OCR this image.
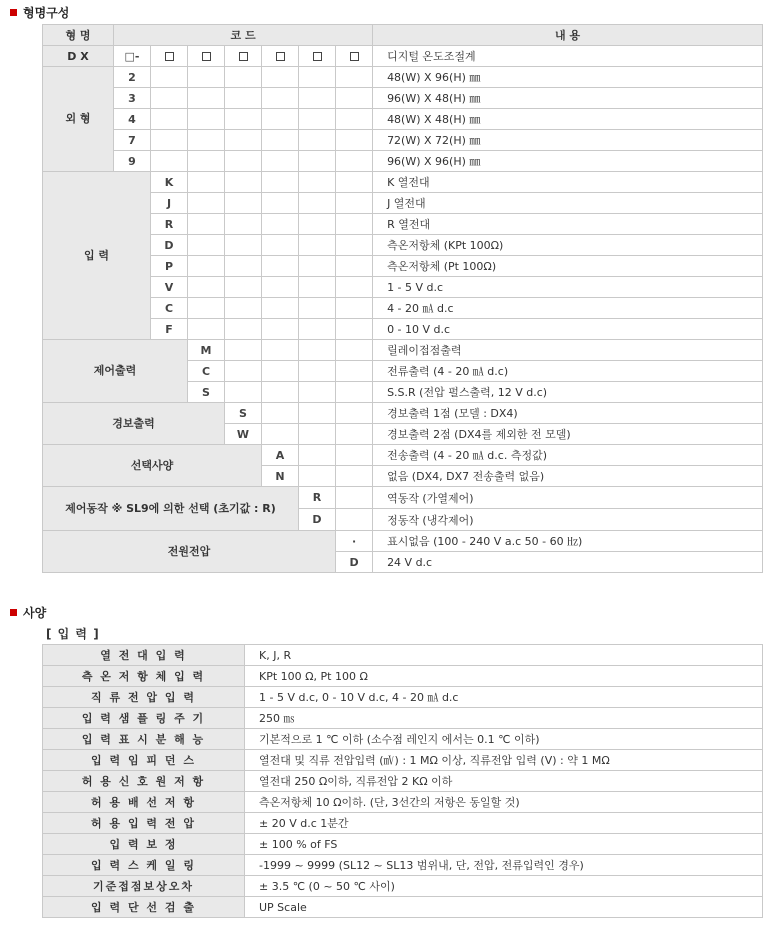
형명구성
형 명	코 드							내 용
D X	□-							디지털 온도조절계
외 형	2							48(W) X 96(H) ㎜
	3							96(W) X 48(H) ㎜
	4							48(W) X 48(H) ㎜
	7							72(W) X 72(H) ㎜
	9							96(W) X 96(H) ㎜
입 력		K						K 열전대
		J						J 열전대
		R						R 열전대
		D						측온저항체 (KPt 100Ω)
		P						측온저항체 (Pt 100Ω)
		V						1 - 5 V d.c
		C						4 - 20 ㎃ d.c
		F						0 - 10 V d.c
제어출력			M					릴레이접점출력
			C					전류출력 (4 - 20 ㎃ d.c)
			S					S.S.R (전압 펄스출력, 12 V d.c)
경보출력				S				경보출력 1점 (모델 : DX4)
				W				경보출력 2점 (DX4를 제외한 전 모델)
선택사양					A			전송출력 (4 - 20 ㎃ d.c. 측정값)
					N			없음 (DX4, DX7 전송출력 없음)
제어동작 ※ SL9에 의한 선택 (초기값 : R)						R		역동작 (가열제어)
						D		정동작 (냉각제어)
전원전압							·	표시없음 (100 - 240 V a.c 50 - 60 ㎐)
							D	24 V d.c
사양
[ 입 력 ]
열 전 대 입 력	K, J, R
측 온 저 항 체 입 력	KPt 100 Ω, Pt 100 Ω
직 류 전 압 입 력	1 - 5 V d.c, 0 - 10 V d.c, 4 - 20 ㎃ d.c
입 력 샘 플 링 주 기	250 ㎳
입 력 표 시 분 해 능	기본적으로 1 ℃ 이하 (소수점 레인지 에서는 0.1 ℃ 이하)
입 력 임 피 던 스	열전대 및 직류 전압입력 (㎷) : 1 MΩ 이상, 직류전압 입력 (V) : 약 1 MΩ
허 용 신 호 원 저 항	열전대 250 Ω이하, 직류전압 2 KΩ 이하
허 용 배 선 저 항	측온저항체 10 Ω이하. (단, 3선간의 저항은 동일할 것)
허 용 입 력 전 압	± 20 V d.c 1분간
입 력 보 정	± 100 % of FS
입 력 스 케 일 링	-1999 ~ 9999 (SL12 ~ SL13 범위내, 단, 전압, 전류입력인 경우)
기준접점보상오차	± 3.5 ℃ (0 ~ 50 ℃ 사이)
입 력 단 선 검 출	UP Scale
